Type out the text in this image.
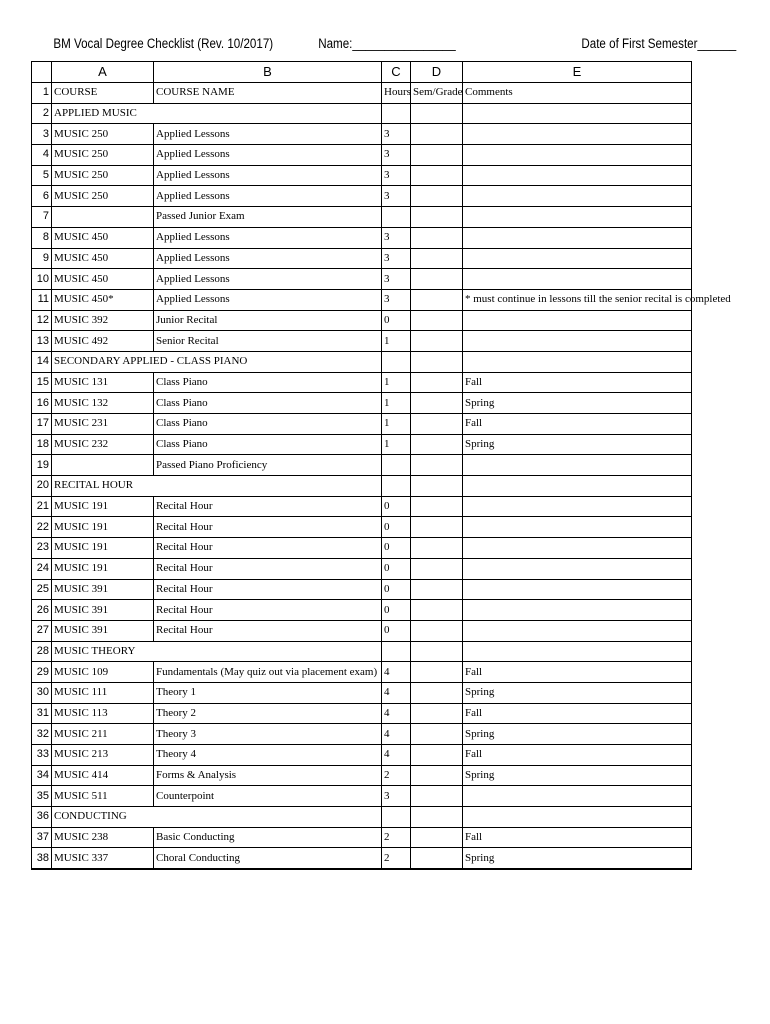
BM Vocal Degree Checklist (Rev. 10/2017)	Name:________________	Date of First Semester______
	A	B	C	D	E
1	COURSE	COURSE NAME	Hours	Sem/Grade	Comments
2	APPLIED MUSIC				
3	MUSIC 250	Applied Lessons	3		
4	MUSIC 250	Applied Lessons	3		
5	MUSIC 250	Applied Lessons	3		
6	MUSIC 250	Applied Lessons	3		
7		Passed Junior Exam			
8	MUSIC 450	Applied Lessons	3		
9	MUSIC 450	Applied Lessons	3		
10	MUSIC 450	Applied Lessons	3		
11	MUSIC 450*	Applied Lessons	3		* must continue in lessons till the senior recital is completed
12	MUSIC 392	Junior Recital	0		
13	MUSIC 492	Senior Recital	1		
14	SECONDARY APPLIED - CLASS PIANO				
15	MUSIC 131	Class Piano	1		Fall
16	MUSIC 132	Class Piano	1		Spring
17	MUSIC 231	Class Piano	1		Fall
18	MUSIC 232	Class Piano	1		Spring
19		Passed Piano Proficiency			
20	RECITAL HOUR				
21	MUSIC 191	Recital Hour	0		
22	MUSIC 191	Recital Hour	0		
23	MUSIC 191	Recital Hour	0		
24	MUSIC 191	Recital Hour	0		
25	MUSIC 391	Recital Hour	0		
26	MUSIC 391	Recital Hour	0		
27	MUSIC 391	Recital Hour	0		
28	MUSIC THEORY				
29	MUSIC 109	Fundamentals (May quiz out via placement exam)	4		Fall
30	MUSIC 111	Theory 1	4		Spring
31	MUSIC 113	Theory 2	4		Fall
32	MUSIC 211	Theory 3	4		Spring
33	MUSIC 213	Theory 4	4		Fall
34	MUSIC 414	Forms & Analysis	2		Spring
35	MUSIC 511	Counterpoint	3		
36	CONDUCTING				
37	MUSIC 238	Basic Conducting	2		Fall
38	MUSIC 337	Choral Conducting	2		Spring
